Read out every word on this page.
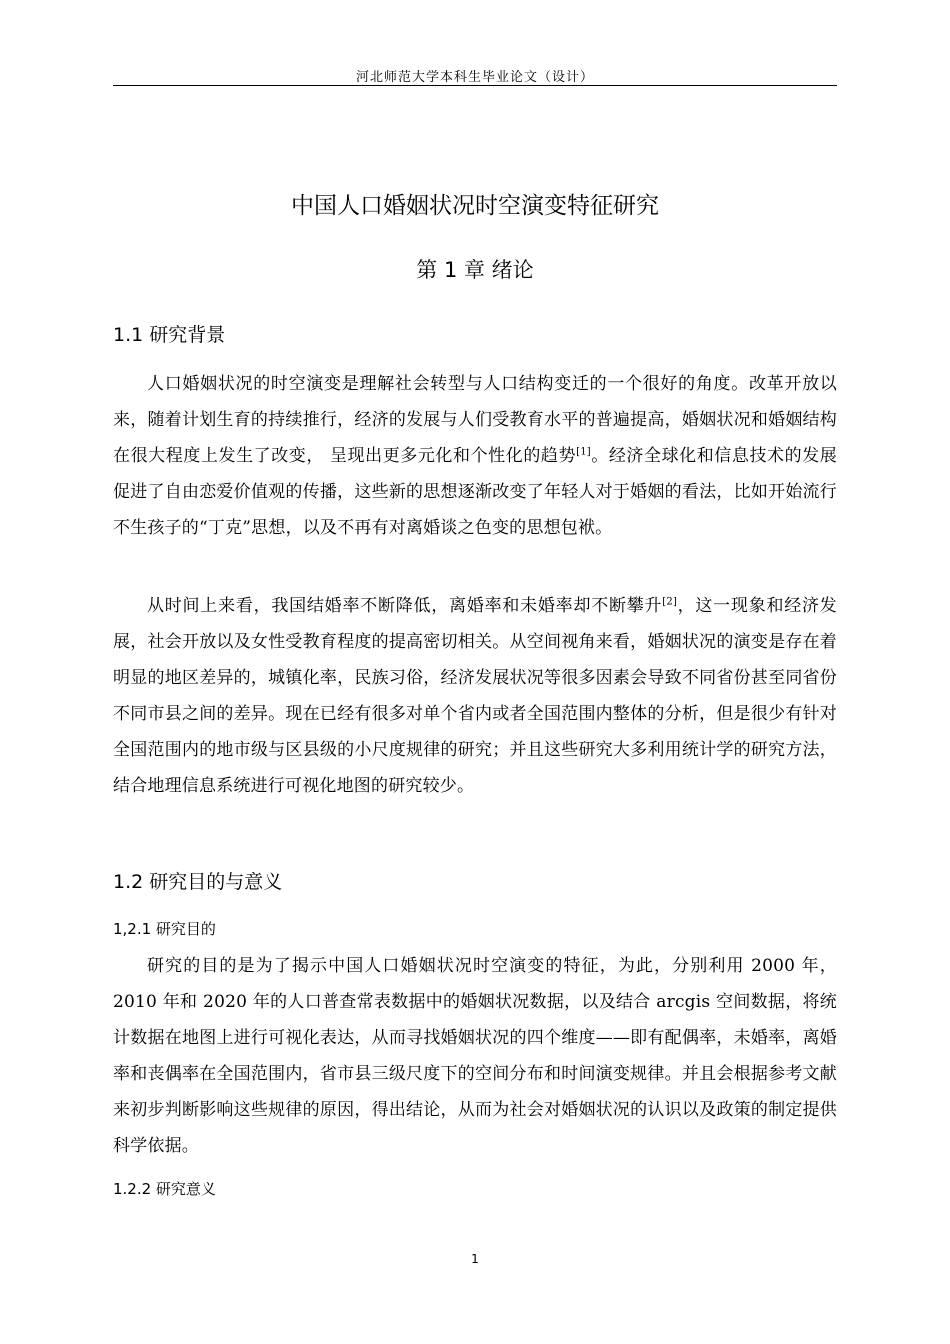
河北师范大学本科生毕业论文（设计）
中国人口婚姻状况时空演变特征研究
第 1 章 绪论
1.1 研究背景

人口婚姻状况的时空演变是理解社会转型与人口结构变迁的一个很好的角度。改革开放以来，随着计划生育的持续推行，经济的发展与人们受教育水平的普遍提高，婚姻状况和婚姻结构在很大程度上发生了改变， 呈现出更多元化和个性化的趋势[1]。经济全球化和信息技术的发展促进了自由恋爱价值观的传播，这些新的思想逐渐改变了年轻人对于婚姻的看法，比如开始流行不生孩子的“丁克”思想，以及不再有对离婚谈之色变的思想包袱。

从时间上来看，我国结婚率不断降低，离婚率和未婚率却不断攀升[2]，这一现象和经济发展，社会开放以及女性受教育程度的提高密切相关。从空间视角来看，婚姻状况的演变是存在着明显的地区差异的，城镇化率，民族习俗，经济发展状况等很多因素会导致不同省份甚至同省份不同市县之间的差异。现在已经有很多对单个省内或者全国范围内整体的分析，但是很少有针对全国范围内的地市级与区县级的小尺度规律的研究；并且这些研究大多利用统计学的研究方法，结合地理信息系统进行可视化地图的研究较少。

1.2 研究目的与意义
1,2.1 研究目的

研究的目的是为了揭示中国人口婚姻状况时空演变的特征，为此，分别利用 2000 年，2010 年和 2020 年的人口普查常表数据中的婚姻状况数据，以及结合 arcgis 空间数据，将统计数据在地图上进行可视化表达，从而寻找婚姻状况的四个维度——即有配偶率，未婚率，离婚率和丧偶率在全国范围内，省市县三级尺度下的空间分布和时间演变规律。并且会根据参考文献来初步判断影响这些规律的原因，得出结论，从而为社会对婚姻状况的认识以及政策的制定提供科学依据。

1.2.2 研究意义
1
